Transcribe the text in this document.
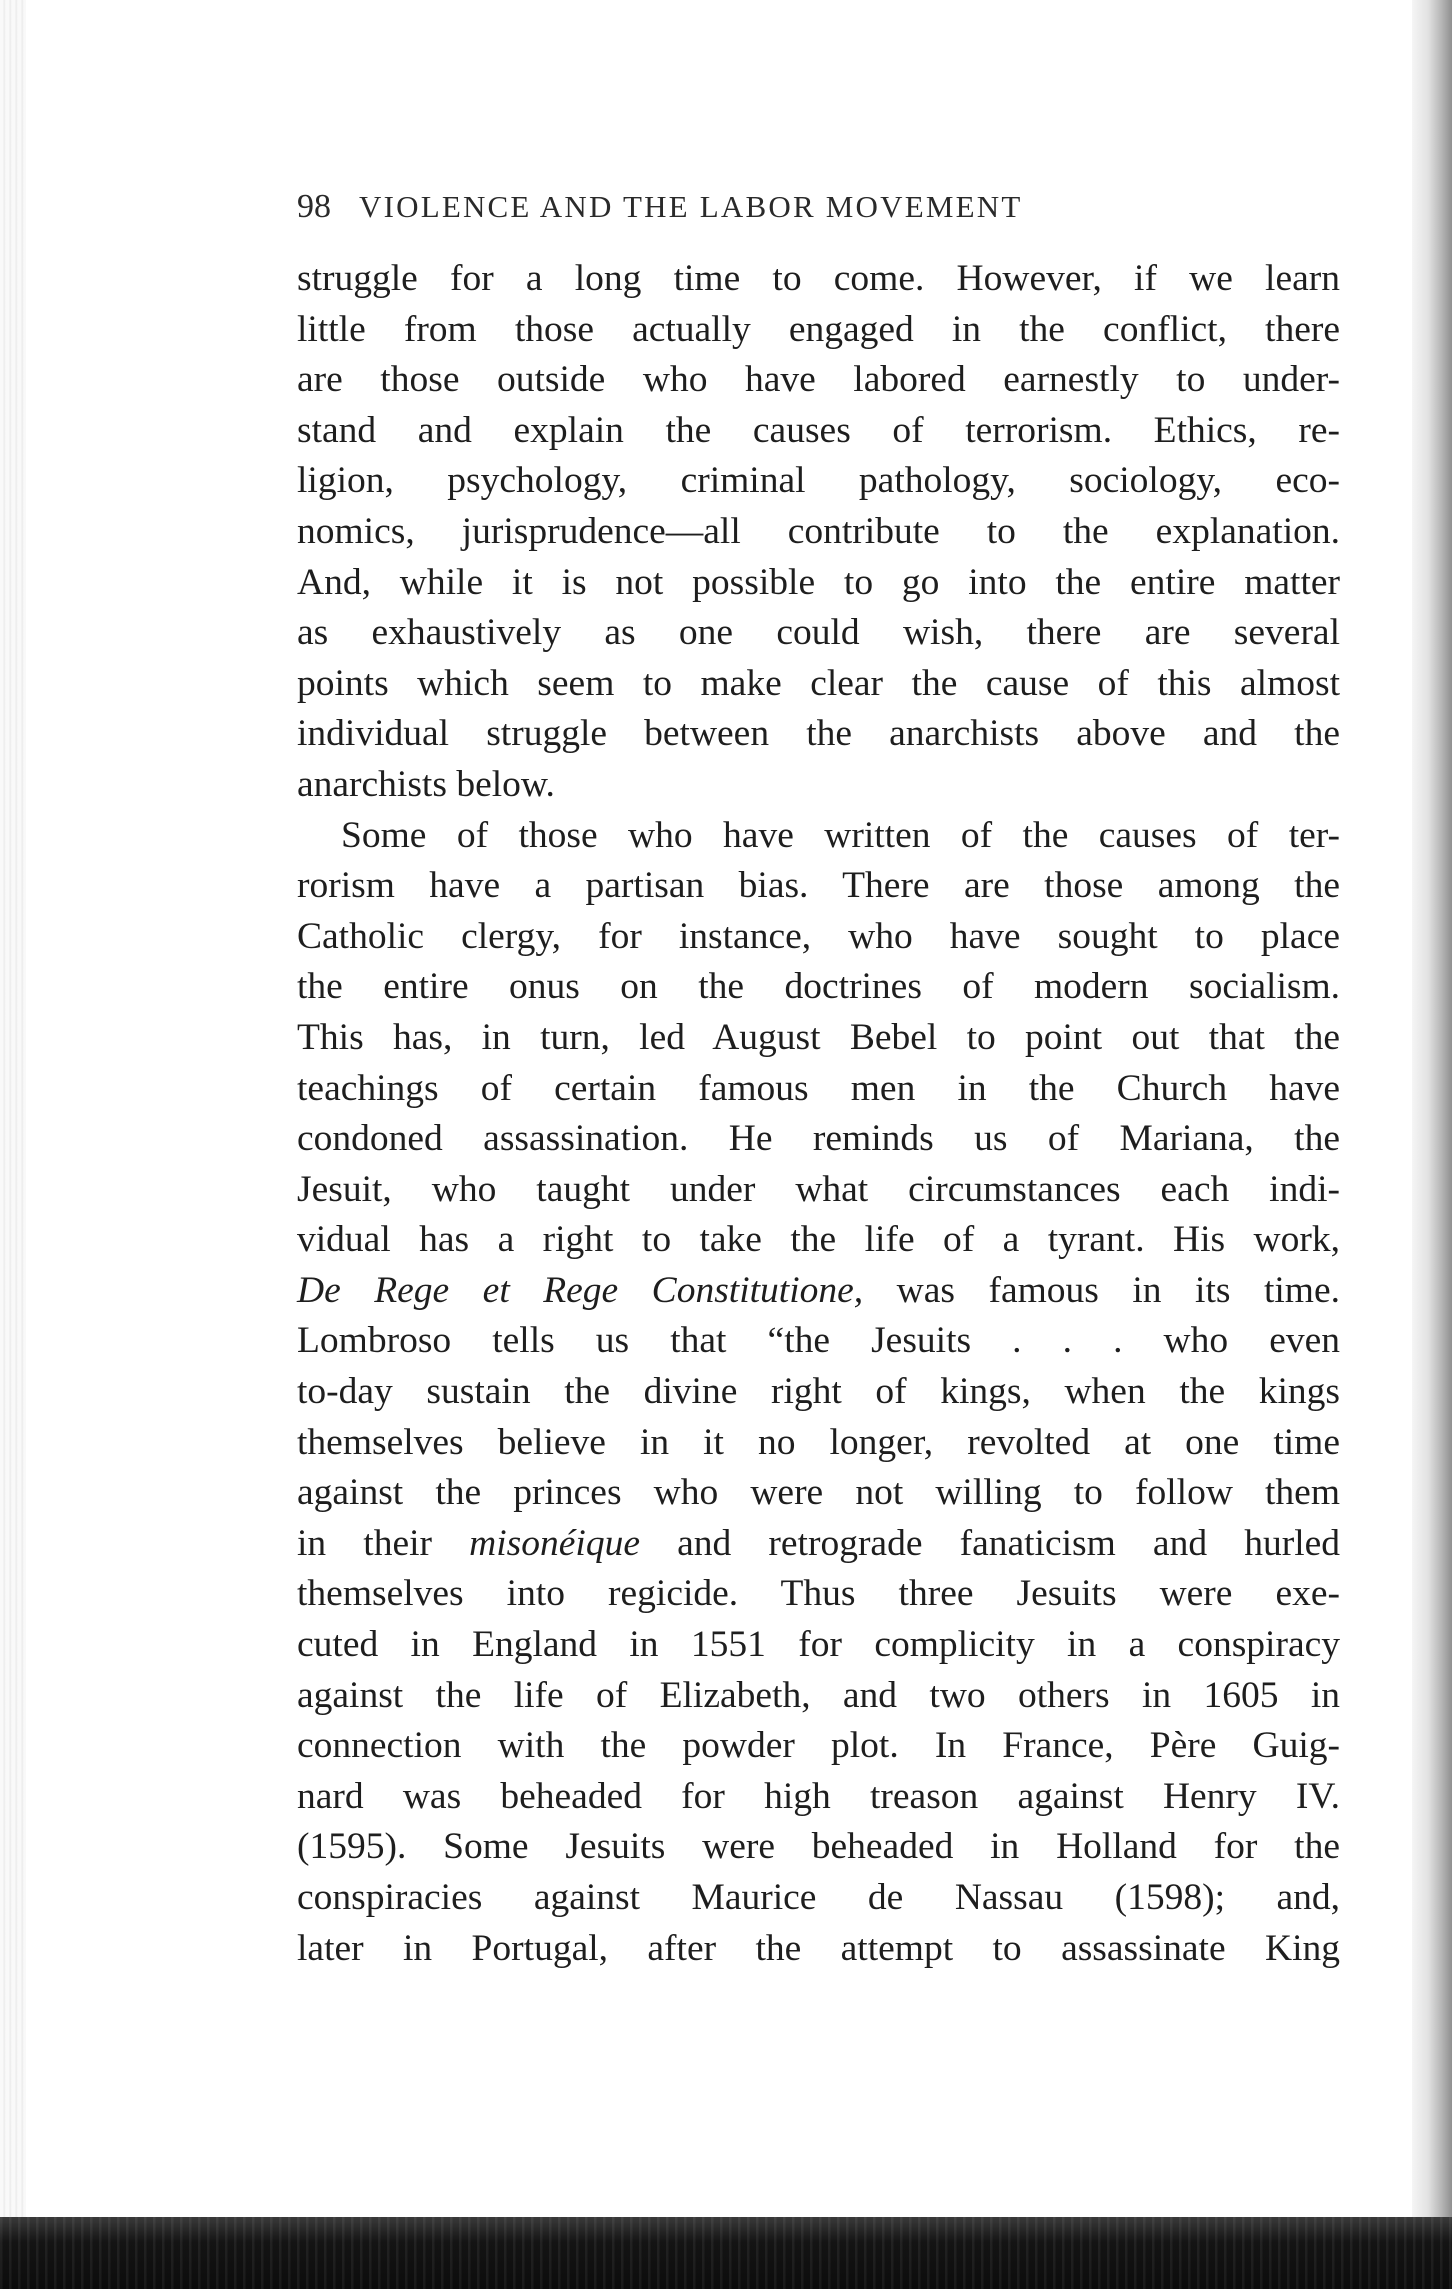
98 VIOLENCE AND THE LABOR MOVEMENT
struggle for a long time to come. However, if we learn
little from those actually engaged in the conflict, there
are those outside who have labored earnestly to under-
stand and explain the causes of terrorism. Ethics, re-
ligion, psychology, criminal pathology, sociology, eco-
nomics, jurisprudence—all contribute to the explanation.
And, while it is not possible to go into the entire matter
as exhaustively as one could wish, there are several
points which seem to make clear the cause of this almost
individual struggle between the anarchists above and the
anarchists below.
Some of those who have written of the causes of ter-
rorism have a partisan bias. There are those among the
Catholic clergy, for instance, who have sought to place
the entire onus on the doctrines of modern socialism.
This has, in turn, led August Bebel to point out that the
teachings of certain famous men in the Church have
condoned assassination. He reminds us of Mariana, the
Jesuit, who taught under what circumstances each indi-
vidual has a right to take the life of a tyrant. His work,
De Rege et Rege Constitutione, was famous in its time.
Lombroso tells us that “the Jesuits . . . who even
to-day sustain the divine right of kings, when the kings
themselves believe in it no longer, revolted at one time
against the princes who were not willing to follow them
in their misonéique and retrograde fanaticism and hurled
themselves into regicide. Thus three Jesuits were exe-
cuted in England in 1551 for complicity in a conspiracy
against the life of Elizabeth, and two others in 1605 in
connection with the powder plot. In France, Père Guig-
nard was beheaded for high treason against Henry IV.
(1595). Some Jesuits were beheaded in Holland for the
conspiracies against Maurice de Nassau (1598); and,
later in Portugal, after the attempt to assassinate King
